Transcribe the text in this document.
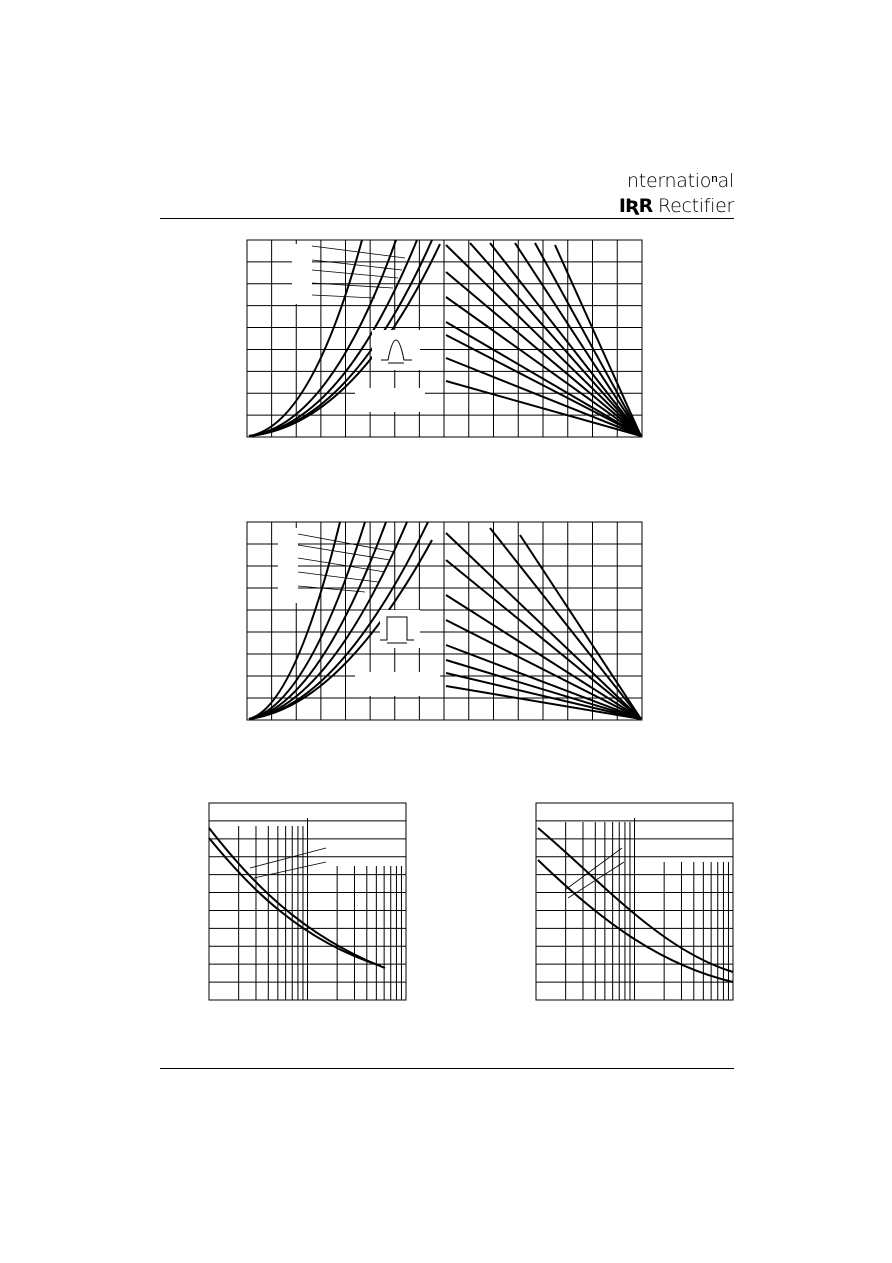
nternatioⁿal
IƦR Rectifier
